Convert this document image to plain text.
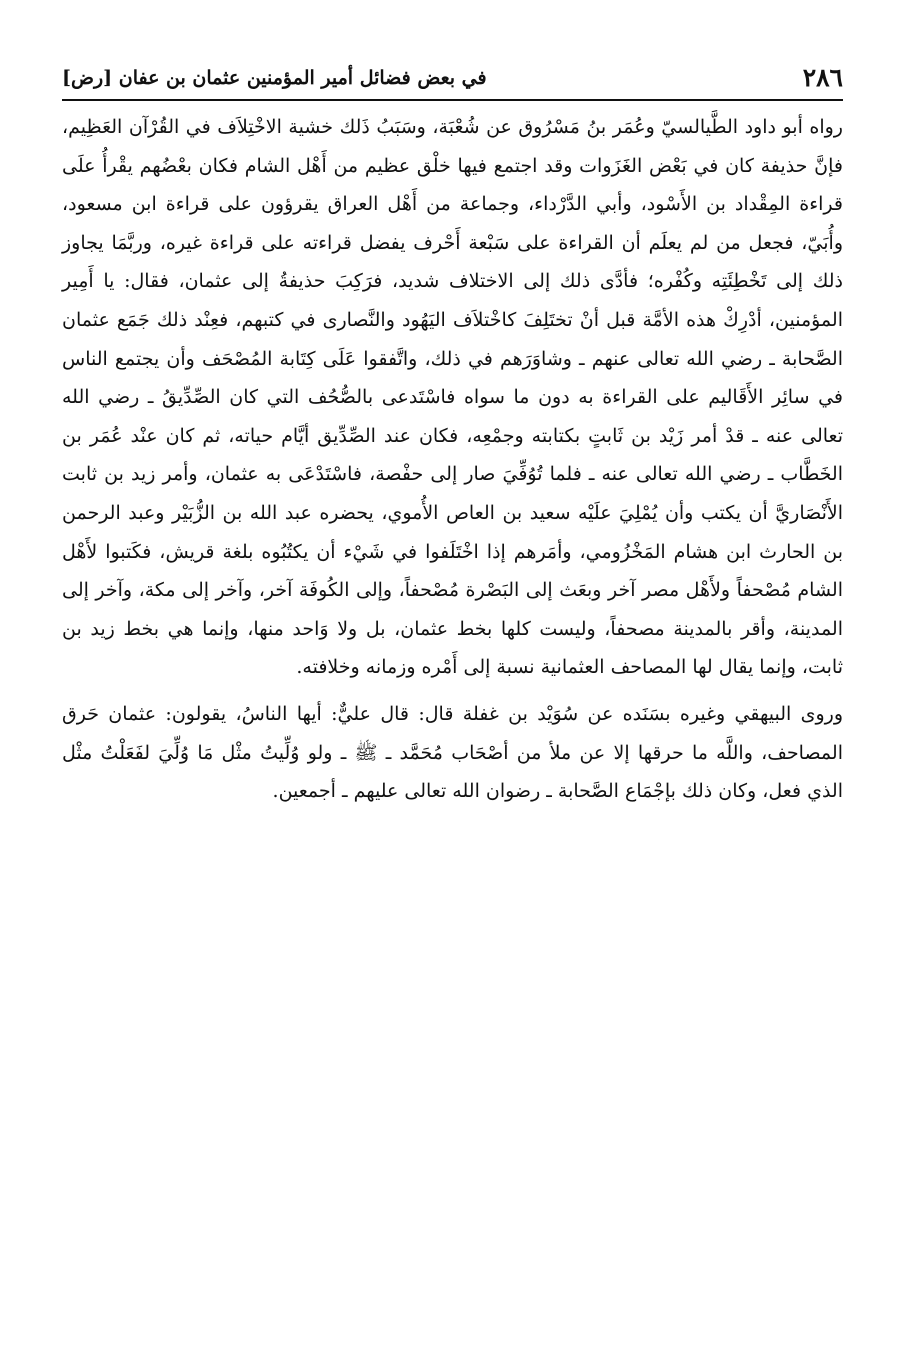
٢٨٦
في بعض فضائل أمير المؤمنين عثمان بن عفان [رض]

رواه أبو داود الطَّيالسيّ وعُمَر بنُ مَسْرُوق عن شُعْبَة، وسَبَبُ ذَلك خشية الاخْتِلاَف في القُرْآن العَظِيم، فإنَّ حذيفة كان في بَعْض الغَزَوات وقد اجتمع فيها خلْق عظيم من أَهْل الشام فكان بعْضُهم يقْرأُ علَى قراءة المِقْداد بن الأَسْود، وأبي الدَّرْداء، وجماعة من أَهْل العراق يقرؤون على قراءة ابن مسعود، وأُبَيّ، فجعل من لم يعلَم أن القراءة على سَبْعة أَحْرف يفضل قراءته على قراءة غيره، وربَّمَا يجاوز ذلك إلى تَخْطِئَتِه وكُفْره؛ فأدَّى ذلك إلى الاختلاف شديد، فرَكِبَ حذيفةُ إلى عثمان، فقال: يا أَمِير المؤمنين، أدْرِكْ هذه الأمَّة قبل أنْ تختَلِفَ كاخْتلاَف اليَهُود والنَّصارى في كتبهم، فعِنْد ذلك جَمَع عثمان الصَّحابة ـ رضي الله تعالى عنهم ـ وشاوَرَهم في ذلك، واتَّفقوا عَلَى كِتَابة المُصْحَف وأن يجتمع الناس في سائِر الأَقَاليم على القراءة به دون ما سواه فاسْتَدعى بالصُّحُف التي كان الصِّدِّيقُ ـ رضي الله تعالى عنه ـ قدْ أمر زَيْد بن ثَابتٍ بكتابته وجمْعِه، فكان عند الصِّدِّيق أيَّام حياته، ثم كان عنْد عُمَر بن الخَطَّاب ـ رضي الله تعالى عنه ـ فلما تُوُفِّيَ صار إلى حفْصة، فاسْتَدْعَى به عثمان، وأمر زيد بن ثابت الأَنْصَاريَّ أن يكتب وأن يُمْلِيَ علَيْه سعيد بن العاص الأُموي، يحضره عبد الله بن الزُّبَيْر وعبد الرحمن بن الحارث ابن هشام المَخْزُومي، وأمَرهم إذا اخْتَلَفوا في شَيْء أن يكتُبُوه بلغة قريش، فكَتبوا لأَهْل الشام مُصْحفاً ولأَهْل مصر آخر وبعَث إلى البَصْرة مُصْحفاً، وإلى الكُوفَة آخر، وآخر إلى مكة، وآخر إلى المدينة، وأقر بالمدينة مصحفاً، وليست كلها بخط عثمان، بل ولا وَاحد منها، وإنما هي بخط زيد بن ثابت، وإنما يقال لها المصاحف العثمانية نسبة إلى أَمْره وزمانه وخلافته.

وروى البيهقي وغيره بسَنَده عن سُوَيْد بن غفلة قال: قال عليٌّ: أيها الناسُ، يقولون: عثمان حَرق المصاحف، واللَّه ما حرقها إلا عن ملأ من أصْحَاب مُحَمَّد ـ ﷺ ـ ولو وُلِّيتُ مثْل مَا وُلِّيَ لفَعَلْتُ مثْل الذي فعل، وكان ذلك بإجْمَاع الصَّحابة ـ رضوان الله تعالى عليهم ـ أجمعين.
